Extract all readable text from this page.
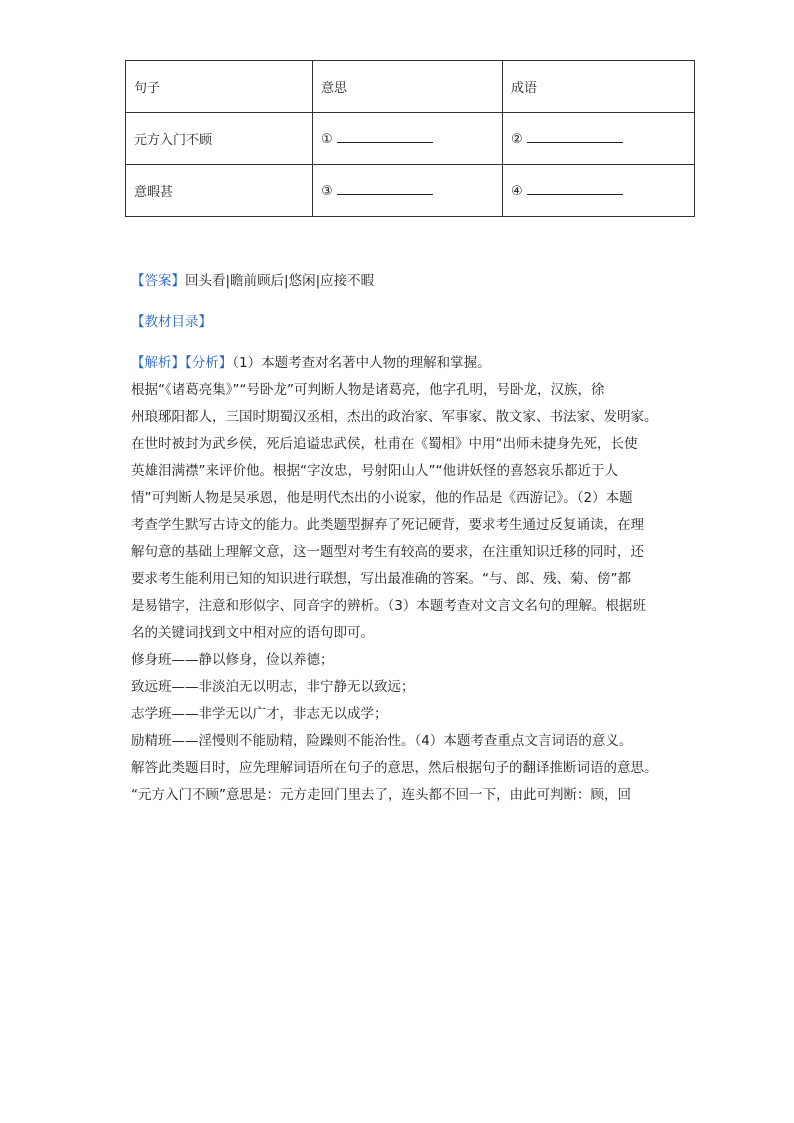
句子	意思	成语
元方入门不顾	①	②
意暇甚	③	④

【答案】回头看|瞻前顾后|悠闲|应接不暇

【教材目录】

【解析】【分析】（1）本题考查对名著中人物的理解和掌握。

根据“《诸葛亮集》”“号卧龙”可判断人物是诸葛亮，他字孔明，号卧龙，汉族，徐

州琅琊阳都人，三国时期蜀汉丞相，杰出的政治家、军事家、散文家、书法家、发明家。

在世时被封为武乡侯，死后追谥忠武侯，杜甫在《蜀相》中用“出师未捷身先死，长使

英雄泪满襟”来评价他。根据“字汝忠，号射阳山人”“他讲妖怪的喜怒哀乐都近于人

情”可判断人物是吴承恩，他是明代杰出的小说家，他的作品是《西游记》。（2）本题

考查学生默写古诗文的能力。此类题型摒弃了死记硬背，要求考生通过反复诵读，在理

解句意的基础上理解文意，这一题型对考生有较高的要求，在注重知识迁移的同时，还

要求考生能利用已知的知识进行联想，写出最准确的答案。“与、郎、残、菊、傍”都

是易错字，注意和形似字、同音字的辨析。（3）本题考查对文言文名句的理解。根据班

名的关键词找到文中相对应的语句即可。

修身班——静以修身，俭以养德；

致远班——非淡泊无以明志，非宁静无以致远；

志学班——非学无以广才，非志无以成学；

励精班——淫慢则不能励精，险躁则不能治性。（4）本题考查重点文言词语的意义。

解答此类题目时，应先理解词语所在句子的意思，然后根据句子的翻译推断词语的意思。

“元方入门不顾”意思是：元方走回门里去了，连头都不回一下，由此可判断：顾，回
